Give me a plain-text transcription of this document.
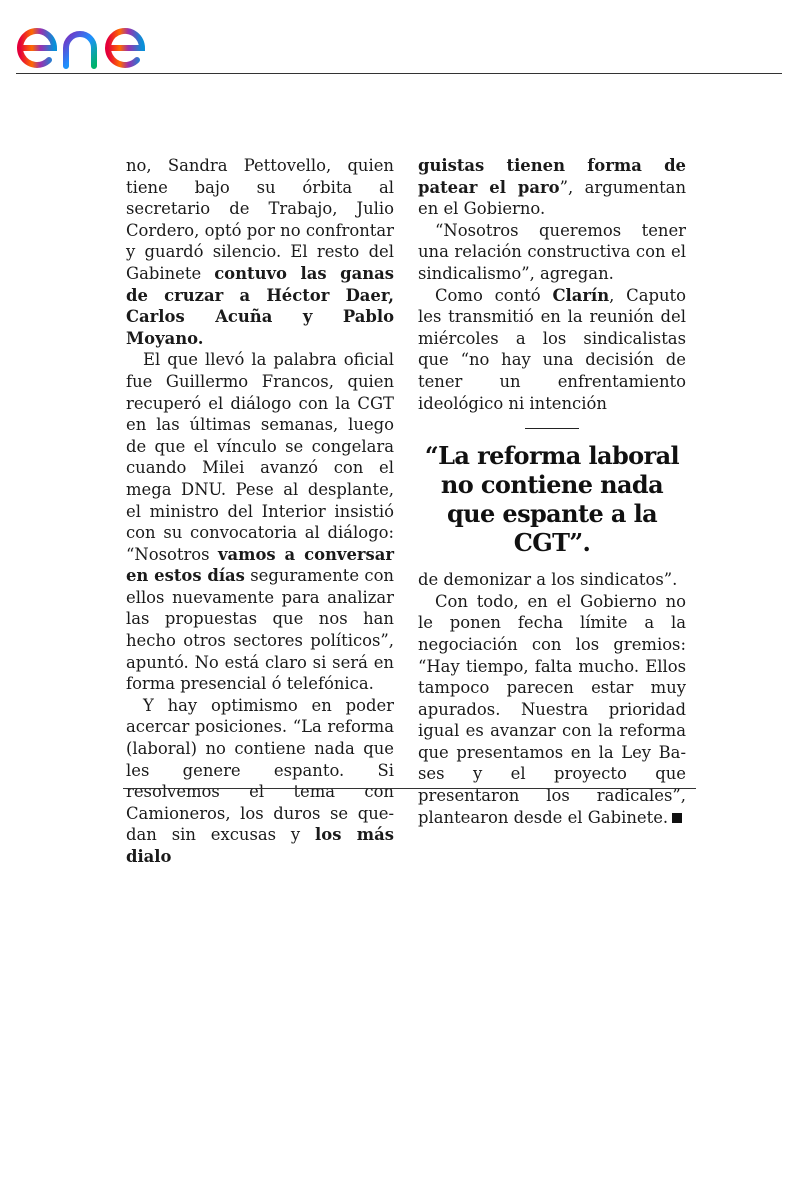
no, Sandra Pettovello, quien tiene bajo su órbita al secretario de Trabajo, Julio Cordero, optó por no confrontar y guardó silencio. El resto del Gabinete contuvo las ganas de cruzar a Héctor Daer, Carlos Acuña y Pablo Moyano.

El que llevó la palabra oficial fue Guillermo Francos, quien recuperó el diálogo con la CGT en las últimas semanas, luego de que el vínculo se congelara cuando Milei avanzó con el mega DNU. Pese al desplante, el ministro del Interior insistió con su convocatoria al diálogo: “Nosotros vamos a conversar en estos días seguramente con ellos nuevamente para analizar las propuestas que nos han hecho otros sectores políticos”, apuntó. No está claro si será en forma presencial ó telefónica.

Y hay optimismo en poder acercar posiciones. “La reforma (laboral) no contiene nada que les genere espanto. Si resolvemos el tema con Camioneros, los duros se quedan sin excusas y los más dialo

guistas tienen forma de patear el paro”, argumentan en el Gobierno.

“Nosotros queremos tener una relación constructiva con el sindicalismo”, agregan.

Como contó Clarín, Caputo les transmitió en la reunión del miércoles a los sindicalistas que “no hay una decisión de tener un enfrentamiento ideológico ni intención

“La reforma laboral no contiene nada que espante a la CGT”.

de demonizar a los sindicatos”.

Con todo, en el Gobierno no le ponen fecha límite a la negociación con los gremios: “Hay tiempo, falta mucho. Ellos tampoco parecen estar muy apurados. Nuestra prioridad igual es avanzar con la reforma que presentamos en la Ley Bases y el proyecto que presentaron los radicales”, plantearon desde el Gabinete.
